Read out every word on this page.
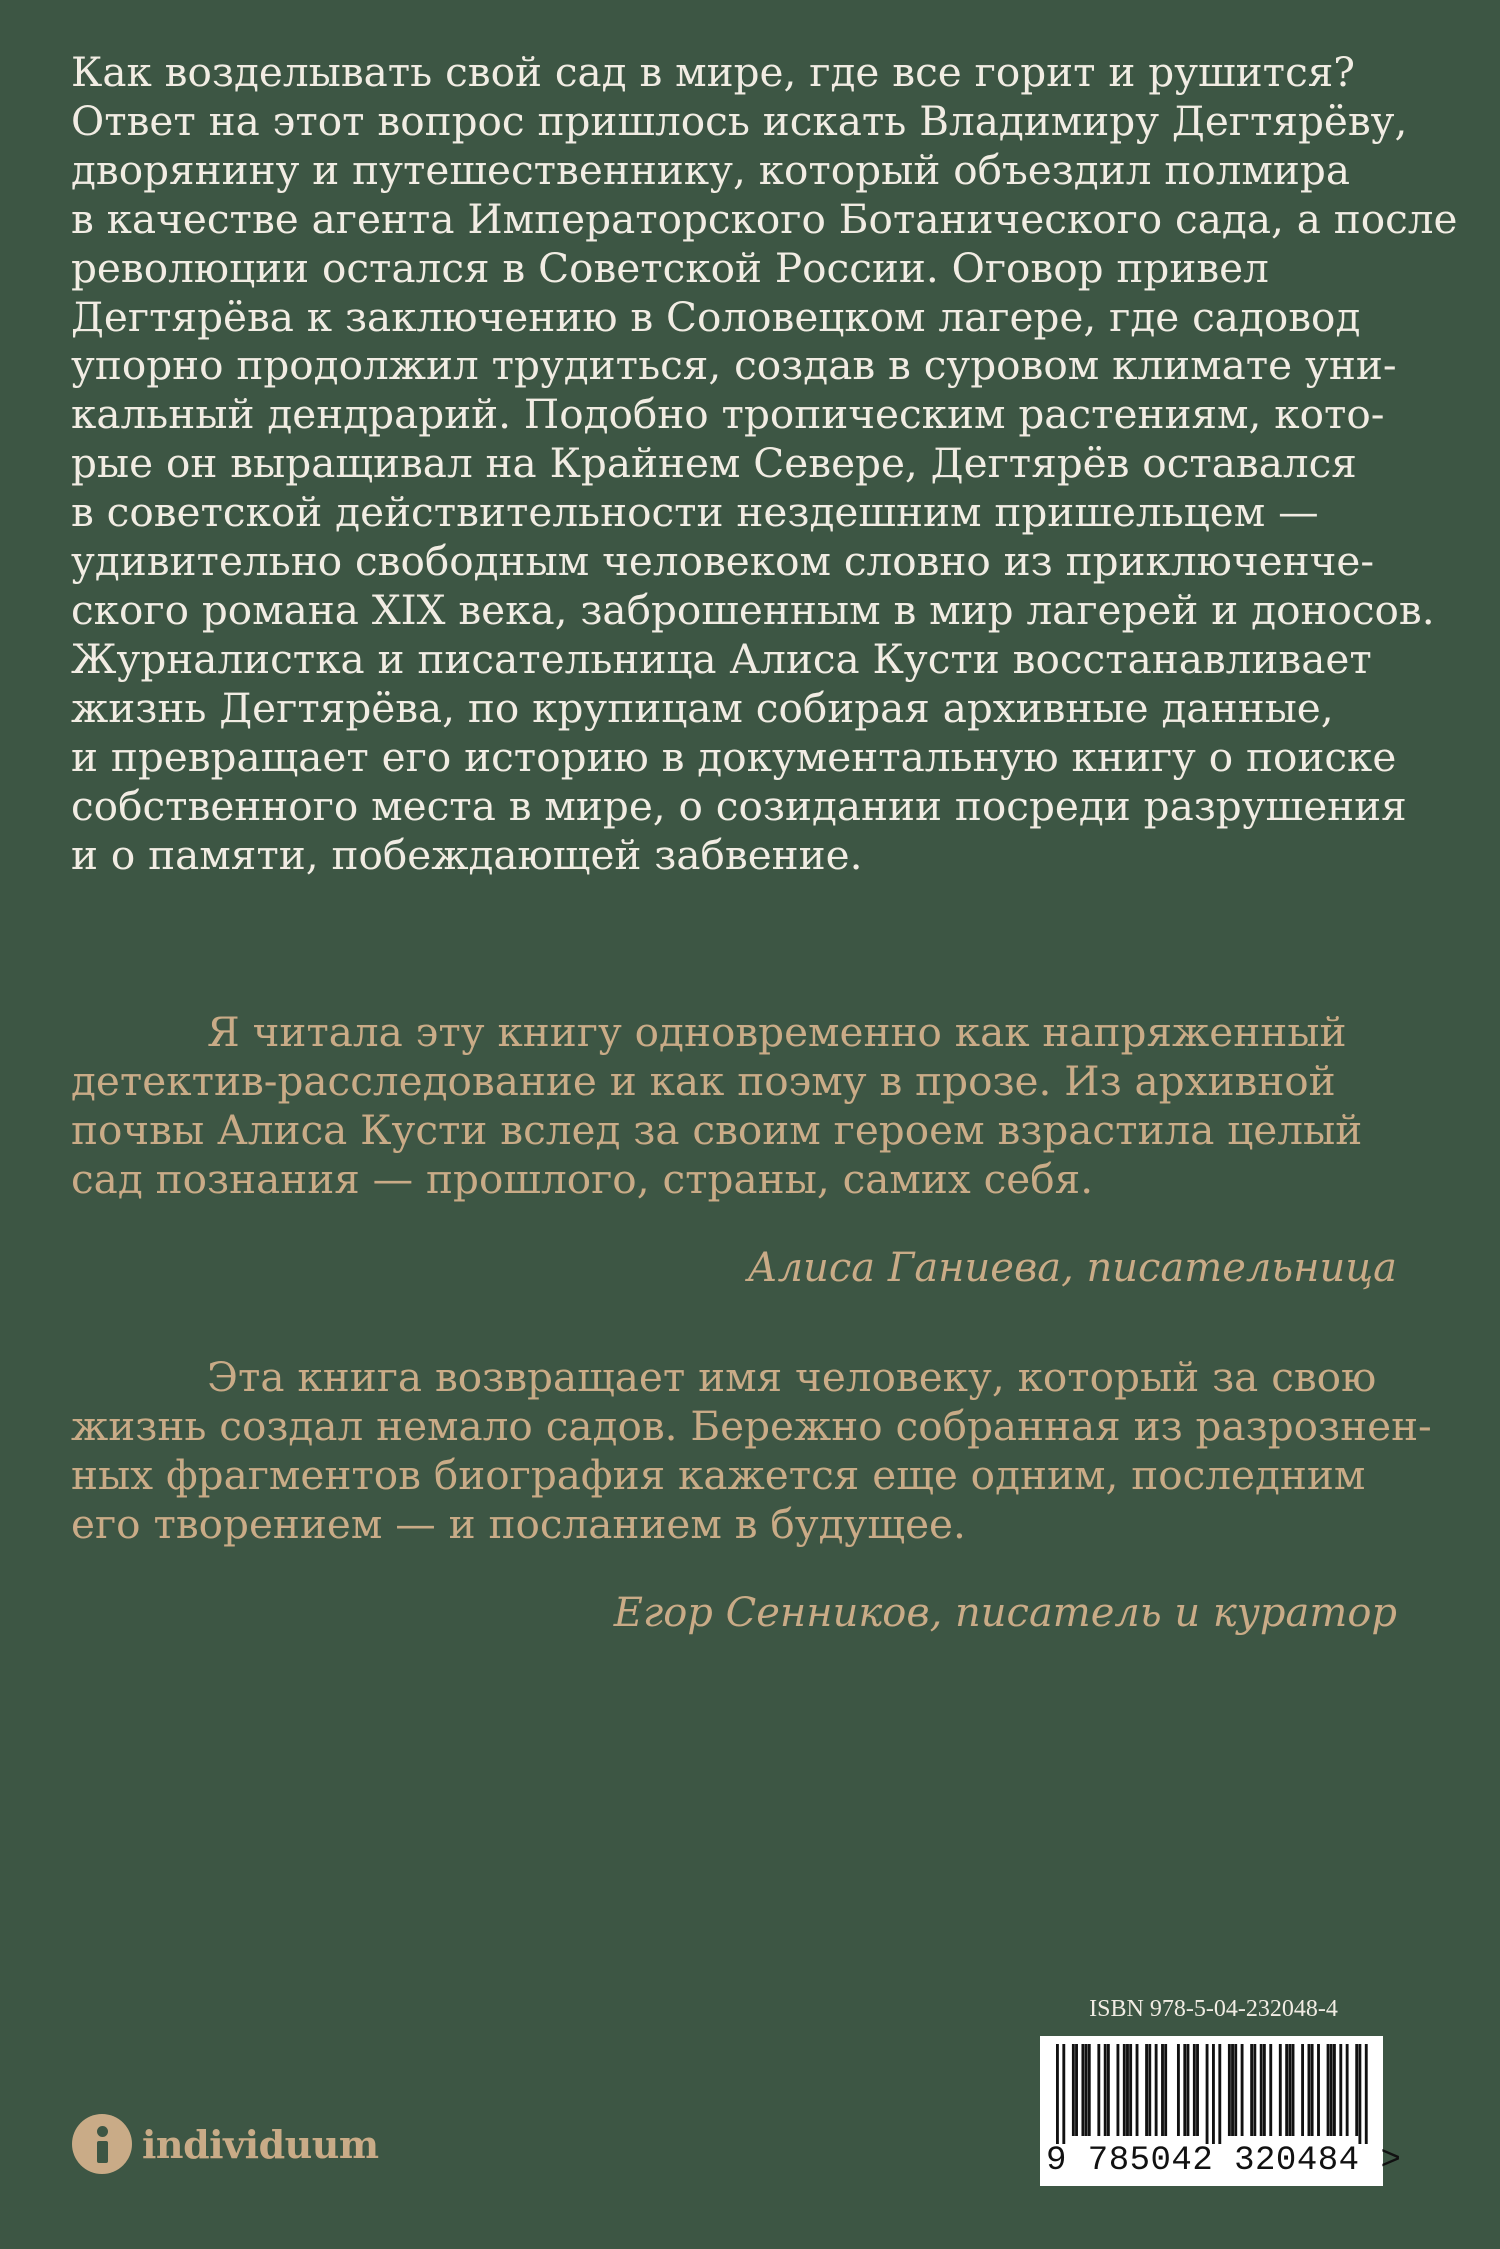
Как возделывать свой сад в мире, где все горит и рушится?
Ответ на этот вопрос пришлось искать Владимиру Дегтярёву,
дворянину и путешественнику, который объездил полмира
в качестве агента Императорского Ботанического сада, а после
революции остался в Советской России. Оговор привел
Дегтярёва к заключению в Соловецком лагере, где садовод
упорно продолжил трудиться, создав в суровом климате уни-
кальный дендрарий. Подобно тропическим растениям, кото-
рые он выращивал на Крайнем Севере, Дегтярёв оставался
в советской действительности нездешним пришельцем —
удивительно свободным человеком словно из приключенче-
ского романа XIX века, заброшенным в мир лагерей и доносов.
Журналистка и писательница Алиса Кусти восстанавливает
жизнь Дегтярёва, по крупицам собирая архивные данные,
и превращает его историю в документальную книгу о поиске
собственного места в мире, о созидании посреди разрушения
и о памяти, побеждающей забвение.
Я читала эту книгу одновременно как напряженный
детектив-расследование и как поэму в прозе. Из архивной
почвы Алиса Кусти вслед за своим героем взрастила целый
сад познания — прошлого, страны, самих себя.
Алиса Ганиева, писательница
Эта книга возвращает имя человеку, который за свою
жизнь создал немало садов. Бережно собранная из разрознен-
ных фрагментов биография кажется еще одним, последним
его творением — и посланием в будущее.
Егор Сенников, писатель и куратор
individuum
ISBN 978-5-04-232048-4
9 785042 320484 >
